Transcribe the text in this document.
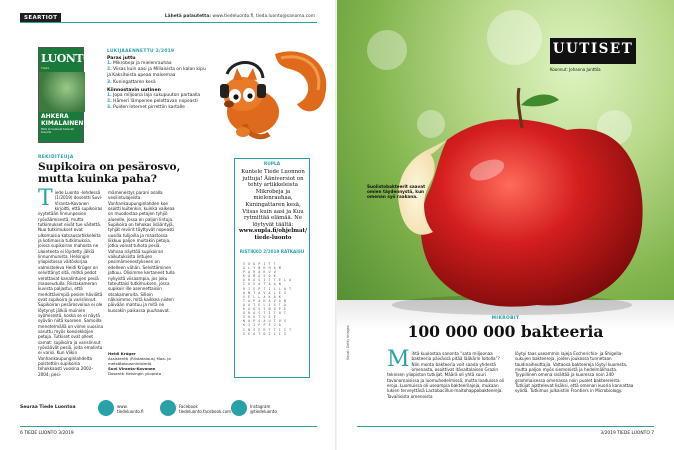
SEARTIOT	Lähetä palautetta: www.tiedeluonto.fi, tieda.luonto@sanoma.com
Tiede
LUONTO
AHKERA KIMALAINEN
Mitä kimalaiset tekevät talvella
LUKIJAAENNETTU 2/2019
Paras juttu
1. Mikrobeja ja mielenrauhaa
2. Viisas kuin aasi ja Millaisista on kalan kipu ja Kaksitoista upeaa maisemaa
3. Kuningattaren kesä
Kiinnostavin uutinen
1. Jopa miljoona laja sukupuuton partaalla
2. Hämeri lämpenee pelottavan nopeasti
3. Puiden internet pirrettiin kartalle
REKIDITEUJA
Supikoira on pesärosvo, mutta kuinka paha?
T iede Luonto -lehdessä (1/2019) dosentti Suvi-Viranta-Kovanen kirjoitti, että supikoiras syytetään linnunpesien ryöväämisestä, mutta tutkimukset eivät tue väitettä. Nuo tutkimukset ovat ulkomaisia katsausartikkeleita ja kotimaisia tutkimuksia, joissa supikoiran mahosta ne uloieteeta ei löydetty jälkiä linnunmunista. Helsingin yliopistossa väitöskirjaa valmisteleva Heidi Krüger on selvittänyt sitä, mitkä pedot verottavat kanalintujen pesiä maaseudulla. Riistakameran kuvista paljastui, että merkittävimpiä pesien häviöitä ovat supikoira ja varislinnut. Supikoiran pesärosvoilua ei ole löytynyt jälkiä muinien syömisestä, koska se ei näytä syövän niitä kuoreen. Samoilla menetelmällä on viime vuosina saruttu myös koesiekkojen petoja. Tutkiset ovat olleet samat: supikoira ja varislinnut ryöväävät pesiä, joita emolintu ei varisi. Kun Viikin Vanhankaupunginlahdelta poistettiin supikoiria tehokkaasti vuosina 2002–2004, pesi-
mämenestys parani osalla vesilintulajeista. Vanhankaupunginlahden koe osoitti kuitenkin, kuinka vaikeaa on muodostaa petojen tyhjiö alueelle, jossa on paljon lintuja. Supikoira on tehokas lisääntyjä, tyhjät reviirit täyttyvät nopeasti uusilla tulijoilla ja maastossa liikkuu paljon muitakin petoja, jotka voivat tuhota pesiä. Vahvaa näyttöä supikoiran vaikutuksista lintujen pesimämenestykseen on edelleen vähän. Selvittäminen jatkuu. Olisimme kertaneet tulla nykyistä viisaampia, jos joku toteuttaisi tutkimuksen, jossa supikoir ille asennettaisiin otsakameroita. Silloin näkisimme, mitä kaikkea niiden päivään mahtuu ja mitä ne kussakin paikassa puuhaavat.
Heidi Krüger
Assistentti (Riistatalous) Maa- ja metsätalousministeriö
Suvi Viranta-Kovanen
Dosentti Helsingin yliopisto
RUPLA
Kuntele Tiede Luonnon juttuja! Ääniversiot on tehty artikkeleista Mikrobeja ja mielenrauhaa, Kuningattaren kesä, Viisas kuin aasi ja Kuu rytmittää elämää. Ne löytyvät täältä: www.supla.fi/ohjelmat/ tiede-luonto
RISTIKKO 2/2019 RATKAISU
S U O P I T T
A L Y N K H A M
P A H A K U U
K Ä M Ä S O K
O R A S I T T E L A
I O V A T A A N
R I S P T I L L A T
A N T A V A L E S
V E L L A K Ä K
T A P A H A V A N
A A T E L I S T A
K A U S I N O P E
O R A S T I T U T
S O U T U S E
N A P S A U T U S
K I I P P E J A
I N S E R T T I I T
S E A T O I L I V
Seuraa Tiede Luontoa	www. tiedeluonto.fi
Facebook tiedeluonto.facebook.com
Instagram @tiedeluonto
6 TIEDE LUONTO 3/2019
UUTISET
Koonnut: Johanna Junttila
Suolistobakteerit saavat omien täydennystä, kun omenan syö raakana.
Kuvat: Getty Images
MIKROBIT
100 000 000 bakteeria
M ihtä kuulostaa sanonta “sata miljoonaa bakteeria päivässä pitää lääkärin loitolla”? Niin monta bakteeria voit saada yhdestä omenasta, osoittivat itävaltalaisen Grazin teknisen yliopiston tutkijat. Määrä oli yhtä suuri tavanomaisissa ja luomuhedelmissä, mutta laaduissa oli eroja. Luomuissa oli useampia bakteerilajeja, mukaan lukien terveyttäsä Lactobacillus-maitohappobakteereja. Tavallisista omenoista
löytyi taas useammin lajeja Escherichia- ja Shigella-sukujen bakteereja, joiden joukossa tunnetaan taudinaiheuttajia. Valtaosa bakteereja löytyi kuoresta, mutta paljon myös siemenistä ja hedelmälihasta. Tyypillinen omena sisältää ja kuoressa noin 240 grammaisessa omenassa noin puolet bakteereista. Tutkijat ajattelevat lisäksi, että omenan kuoria kannattaa syödä. Tutkimus julkaistiin Frontiers in Microbiology.
3/2019 TIEDE LUONTO 7
